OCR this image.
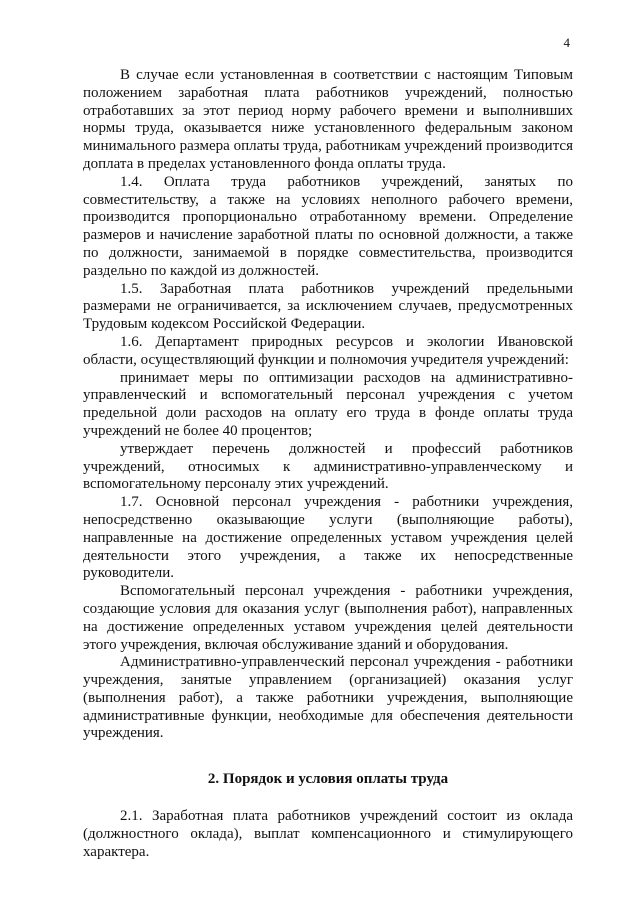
4

В случае если установленная в соответствии с настоящим Типовым положением заработная плата работников учреждений, полностью отработавших за этот период норму рабочего времени и выполнивших нормы труда, оказывается ниже установленного федеральным законом минимального размера оплаты труда, работникам учреждений производится доплата в пределах установленного фонда оплаты труда.

1.4. Оплата труда работников учреждений, занятых по совместительству, а также на условиях неполного рабочего времени, производится пропорционально отработанному времени. Определение размеров и начисление заработной платы по основной должности, а также по должности, занимаемой в порядке совместительства, производится раздельно по каждой из должностей.

1.5. Заработная плата работников учреждений предельными размерами не ограничивается, за исключением случаев, предусмотренных Трудовым кодексом Российской Федерации.

1.6. Департамент природных ресурсов и экологии Ивановской области, осуществляющий функции и полномочия учредителя учреждений:

принимает меры по оптимизации расходов на административно-управленческий и вспомогательный персонал учреждения с учетом предельной доли расходов на оплату его труда в фонде оплаты труда учреждений не более 40 процентов;

утверждает перечень должностей и профессий работников учреждений, относимых к административно-управленческому и вспомогательному персоналу этих учреждений.

1.7. Основной персонал учреждения - работники учреждения, непосредственно оказывающие услуги (выполняющие работы), направленные на достижение определенных уставом учреждения целей деятельности этого учреждения, а также их непосредственные руководители.

Вспомогательный персонал учреждения - работники учреждения, создающие условия для оказания услуг (выполнения работ), направленных на достижение определенных уставом учреждения целей деятельности этого учреждения, включая обслуживание зданий и оборудования.

Административно-управленческий персонал учреждения - работники учреждения, занятые управлением (организацией) оказания услуг (выполнения работ), а также работники учреждения, выполняющие административные функции, необходимые для обеспечения деятельности учреждения.

2. Порядок и условия оплаты труда

2.1. Заработная плата работников учреждений состоит из оклада (должностного оклада), выплат компенсационного и стимулирующего характера.
